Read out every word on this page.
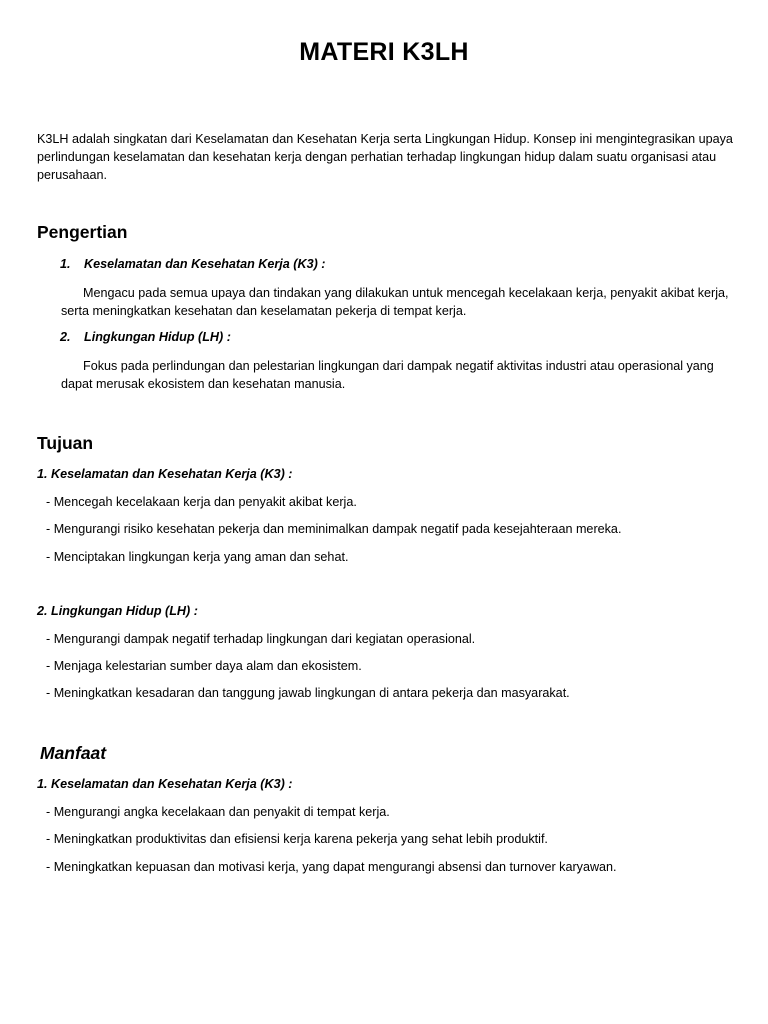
MATERI K3LH
K3LH adalah singkatan dari Keselamatan dan Kesehatan Kerja serta Lingkungan Hidup. Konsep ini mengintegrasikan upaya perlindungan keselamatan dan kesehatan kerja dengan perhatian terhadap lingkungan hidup dalam suatu organisasi atau perusahaan.
Pengertian
1. Keselamatan dan Kesehatan Kerja (K3) :
Mengacu pada semua upaya dan tindakan yang dilakukan untuk mencegah kecelakaan kerja, penyakit akibat kerja, serta meningkatkan kesehatan dan keselamatan pekerja di tempat kerja.
2. Lingkungan Hidup (LH) :
Fokus pada perlindungan dan pelestarian lingkungan dari dampak negatif aktivitas industri atau operasional yang dapat merusak ekosistem dan kesehatan manusia.
Tujuan
1. Keselamatan dan Kesehatan Kerja (K3) :
- Mencegah kecelakaan kerja dan penyakit akibat kerja.
- Mengurangi risiko kesehatan pekerja dan meminimalkan dampak negatif pada kesejahteraan mereka.
- Menciptakan lingkungan kerja yang aman dan sehat.
2. Lingkungan Hidup (LH) :
- Mengurangi dampak negatif terhadap lingkungan dari kegiatan operasional.
- Menjaga kelestarian sumber daya alam dan ekosistem.
- Meningkatkan kesadaran dan tanggung jawab lingkungan di antara pekerja dan masyarakat.
Manfaat
1. Keselamatan dan Kesehatan Kerja (K3) :
- Mengurangi angka kecelakaan dan penyakit di tempat kerja.
- Meningkatkan produktivitas dan efisiensi kerja karena pekerja yang sehat lebih produktif.
- Meningkatkan kepuasan dan motivasi kerja, yang dapat mengurangi absensi dan turnover karyawan.
